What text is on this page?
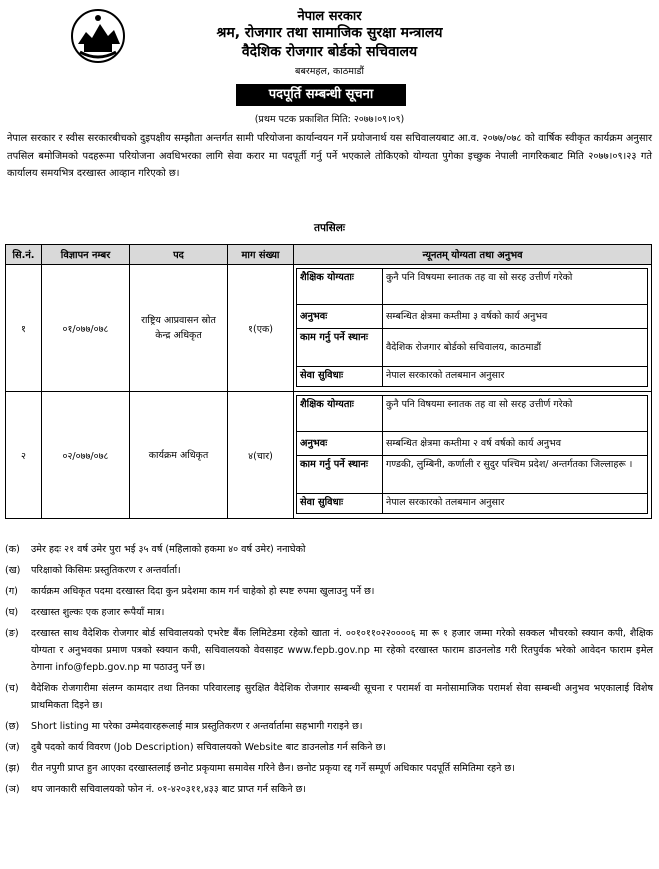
नेपाल सरकार
श्रम, रोजगार तथा सामाजिक सुरक्षा मन्त्रालय
वैदेशिक रोजगार बोर्डको सचिवालय
बबरमहल, काठमाडौं
पदपूर्ति सम्बन्धी सूचना
(प्रथम पटक प्रकाशित मिति: २०७७।०९।०९)
नेपाल सरकार र स्वीस सरकारबीचको दुइपक्षीय सम्झौता अन्तर्गत सामी परियोजना कार्यान्वयन गर्ने प्रयोजनार्थ यस सचिवालयबाट आ.व. २०७७/०७८ को वार्षिक स्वीकृत कार्यक्रम अनुसार तपसिल बमोजिमको पदहरूमा परियोजना अवधिभरका लागि सेवा करार मा पदपूर्ती गर्नु पर्ने भएकाले तोकिएको योग्यता पुगेका इच्छुक नेपाली नागरिकबाट मिति २०७७।०९।२३ गते कार्यालय समयभित्र दरखास्त आव्हान गरिएको छ।
तपसिलः
सि.नं.	विज्ञापन नम्बर	पद	माग संख्या	न्यूनतम् योग्यता तथा अनुभव
१	०१/०७७/०७८	राष्ट्रिय आप्रवासन स्रोत केन्द्र अधिकृत	१(एक)	
शैक्षिक योग्यताः	कुनै पनि विषयमा स्नातक तह वा सो सरह उत्तीर्ण गरेको
अनुभवः	सम्बन्धित क्षेत्रमा कम्तीमा ३ वर्षको कार्य अनुभव
काम गर्नु पर्ने स्थानः	वैदेशिक रोजगार बोर्डको सचिवालय, काठमाडौं
सेवा सुविधाः	नेपाल सरकारको तलबमान अनुसार

२	०२/०७७/०७८	कार्यक्रम अधिकृत	४(चार)	
शैक्षिक योग्यताः	कुनै पनि विषयमा स्नातक तह वा सो सरह उत्तीर्ण गरेको
अनुभवः	सम्बन्धित क्षेत्रमा कम्तीमा २ वर्ष वर्षको कार्य अनुभव
काम गर्नु पर्ने स्थानः	गण्डकी, लुम्बिनी, कर्णाली र सुदुर पश्चिम प्रदेश/ अन्तर्गतका जिल्लाहरू ।
सेवा सुविधाः	नेपाल सरकारको तलबमान अनुसार
(क)	उमेर हदः २१ वर्ष उमेर पुरा भई ३५ वर्ष (महिलाको हकमा ४० वर्ष उमेर) ननाघेको
(ख)	परिक्षाको किसिमः प्रस्तुतिकरण र अन्तर्वार्ता।
(ग)	कार्यक्रम अधिकृत पदमा दरखास्त दिदा कुन प्रदेशमा काम गर्न चाहेको हो स्पष्ट रुपमा खुलाउनु पर्ने छ।
(घ)	दरखास्त शुल्कः एक हजार रूपैयाँ मात्र।
(ङ)	दरखास्त साथ वैदेशिक रोजगार बोर्ड सचिवालयको एभरेष्ट बैंक लिमिटेडमा रहेको खाता नं. ००१०११०२२००००६ मा रू १ हजार जम्मा गरेको सक्कल भौचरको स्क्यान कपी, शैक्षिक योग्यता र अनुभवका प्रमाण पत्रको स्क्यान कपी, सचिवालयको वेवसाइट www.fepb.gov.np मा रहेको दरखास्त फाराम डाउनलोड गरी रितपुर्वक भरेको आवेदन फाराम इमेल ठेगाना info@fepb.gov.np मा पठाउनु पर्ने छ।
(च)	वैदेशिक रोजगारीमा संलग्न कामदार तथा तिनका परिवारलाइ सुरक्षित वैदेशिक रोजगार सम्बन्धी सूचना र परामर्श वा मनोसामाजिक परामर्श सेवा सम्बन्धी अनुभव भएकालाई विशेष प्राथमिकता दिइने छ।
(छ)	Short listing मा परेका उम्मेदवारहरूलाई मात्र प्रस्तुतिकरण र अन्तर्वार्तामा सहभागी गराइने छ।
(ज)	दुबै पदको कार्य विवरण (Job Description) सचिवालयको Website बाट डाउनलोड गर्न सकिने छ।
(झ)	रीत नपुगी प्राप्त हुन आएका दरखास्तलाई छनोट प्रकृयामा समावेस गरिने छैन। छनोट प्रकृया रद्द गर्ने सम्पूर्ण अधिकार पदपूर्ति समितिमा रहने छ।
(ञ)	थप जानकारी सचिवालयको फोन नं. ०१-४२०३११,४३३ बाट प्राप्त गर्न सकिने छ।
